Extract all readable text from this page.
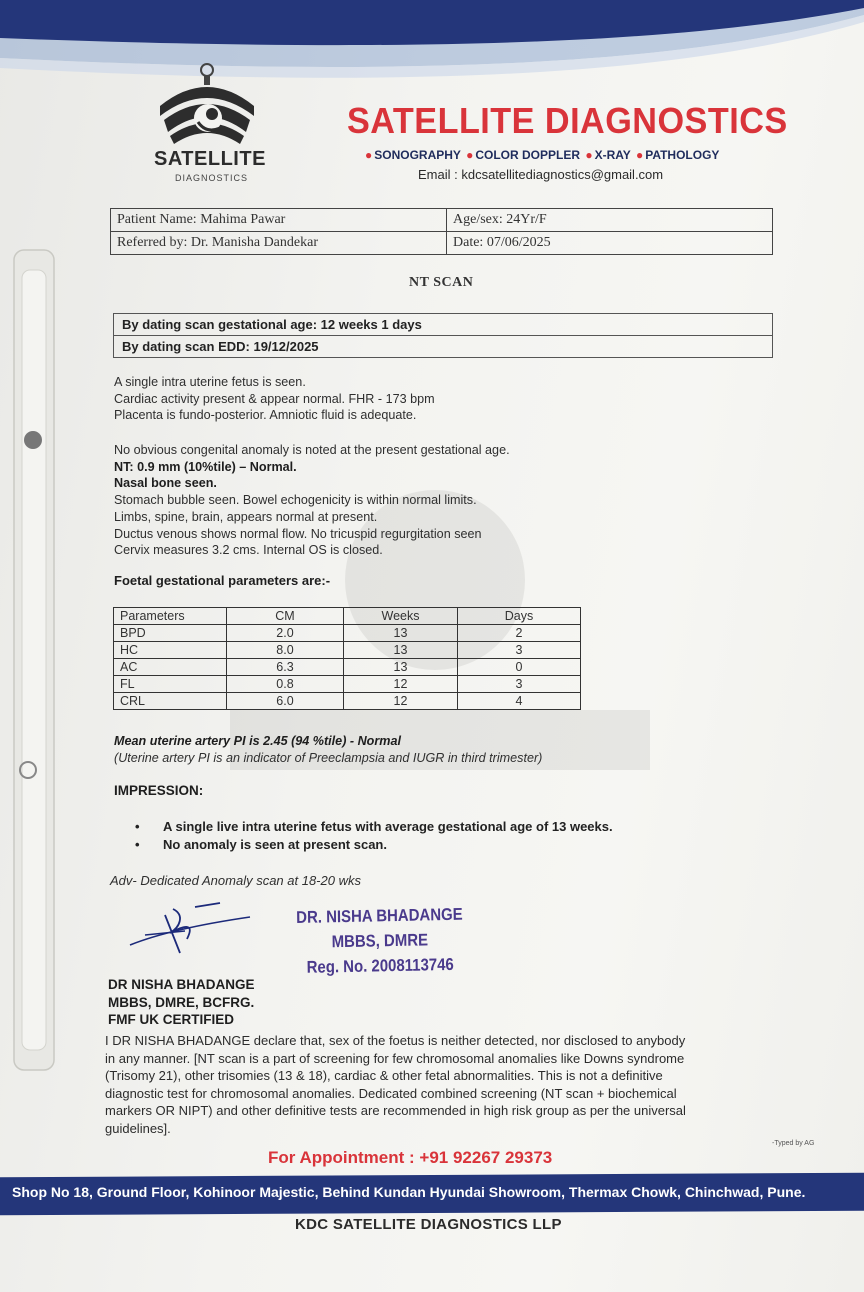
SATELLITE
DIAGNOSTICS
SATELLITE DIAGNOSTICS
● SONOGRAPHY ● COLOR DOPPLER ● X-RAY ● PATHOLOGY
Email : kdcsatellitediagnostics@gmail.com
Patient Name: Mahima Pawar	Age/sex: 24Yr/F
Referred by: Dr. Manisha Dandekar	Date: 07/06/2025
NT SCAN
By dating scan gestational age: 12 weeks 1 days
By dating scan EDD: 19/12/2025
A single intra uterine fetus is seen.
Cardiac activity present & appear normal. FHR - 173 bpm
Placenta is fundo-posterior. Amniotic fluid is adequate.
No obvious congenital anomaly is noted at the present gestational age.
NT: 0.9 mm (10%tile) – Normal.
Nasal bone seen.
Stomach bubble seen. Bowel echogenicity is within normal limits.
Limbs, spine, brain, appears normal at present.
Ductus venous shows normal flow. No tricuspid regurgitation seen
Cervix measures 3.2 cms. Internal OS is closed.
Foetal gestational parameters are:-
Parameters	CM	Weeks	Days
BPD	2.0	13	2
HC	8.0	13	3
AC	6.3	13	0
FL	0.8	12	3
CRL	6.0	12	4
Mean uterine artery PI is 2.45 (94 %tile) - Normal
(Uterine artery PI is an indicator of Preeclampsia and IUGR in third trimester)
IMPRESSION:
•	A single live intra uterine fetus with average gestational age of 13 weeks.
•	No anomaly is seen at present scan.
Adv- Dedicated Anomaly scan at 18-20 wks
DR. NISHA BHADANGE
MBBS, DMRE
Reg. No. 2008113746
DR NISHA BHADANGE
MBBS, DMRE, BCFRG.
FMF UK CERTIFIED
I DR NISHA BHADANGE declare that, sex of the foetus is neither detected, nor disclosed to anybody
in any manner. [NT scan is a part of screening for few chromosomal anomalies like Downs syndrome
(Trisomy 21), other trisomies (13 & 18), cardiac & other fetal abnormalities. This is not a definitive
diagnostic test for chromosomal anomalies. Dedicated combined screening (NT scan + biochemical
markers OR NIPT) and other definitive tests are recommended in high risk group as per the universal
guidelines].
-Typed by AG
For Appointment : +91 92267 29373
Shop No 18, Ground Floor, Kohinoor Majestic, Behind Kundan Hyundai Showroom, Thermax Chowk, Chinchwad, Pune.
KDC SATELLITE DIAGNOSTICS LLP
